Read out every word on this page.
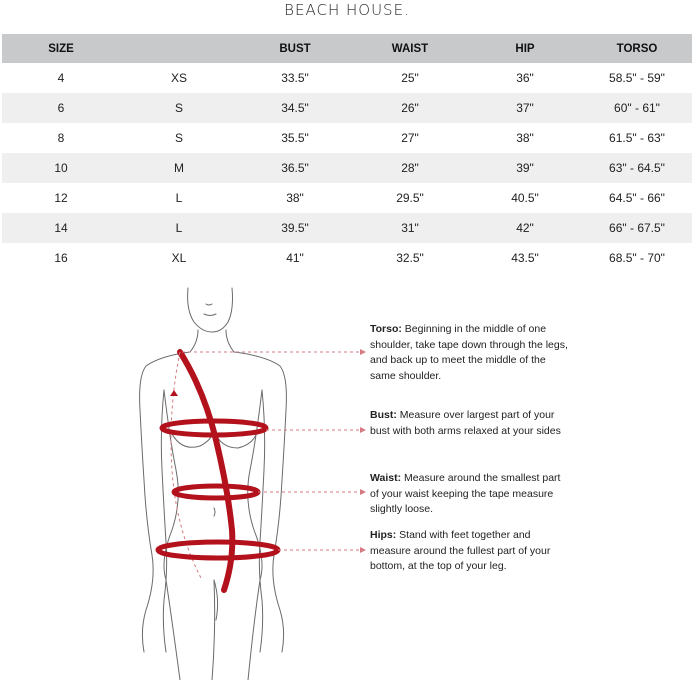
BEACH HOUSE.
SIZE		BUST	WAIST	HIP	TORSO
4	XS	33.5"	25"	36"	58.5" - 59"
6	S	34.5"	26"	37"	60" - 61"
8	S	35.5"	27"	38"	61.5" - 63"
10	M	36.5"	28"	39"	63" - 64.5"
12	L	38"	29.5"	40.5"	64.5" - 66"
14	L	39.5"	31"	42"	66" - 67.5"
16	XL	41"	32.5"	43.5"	68.5" - 70"
Torso: Beginning in the middle of one shoulder, take tape down through the legs, and back up to meet the middle of the same shoulder.
Bust: Measure over largest part of your bust with both arms relaxed at your sides
Waist: Measure around the smallest part of your waist keeping the tape measure slightly loose.
Hips: Stand with feet together and measure around the fullest part of your bottom, at the top of your leg.
